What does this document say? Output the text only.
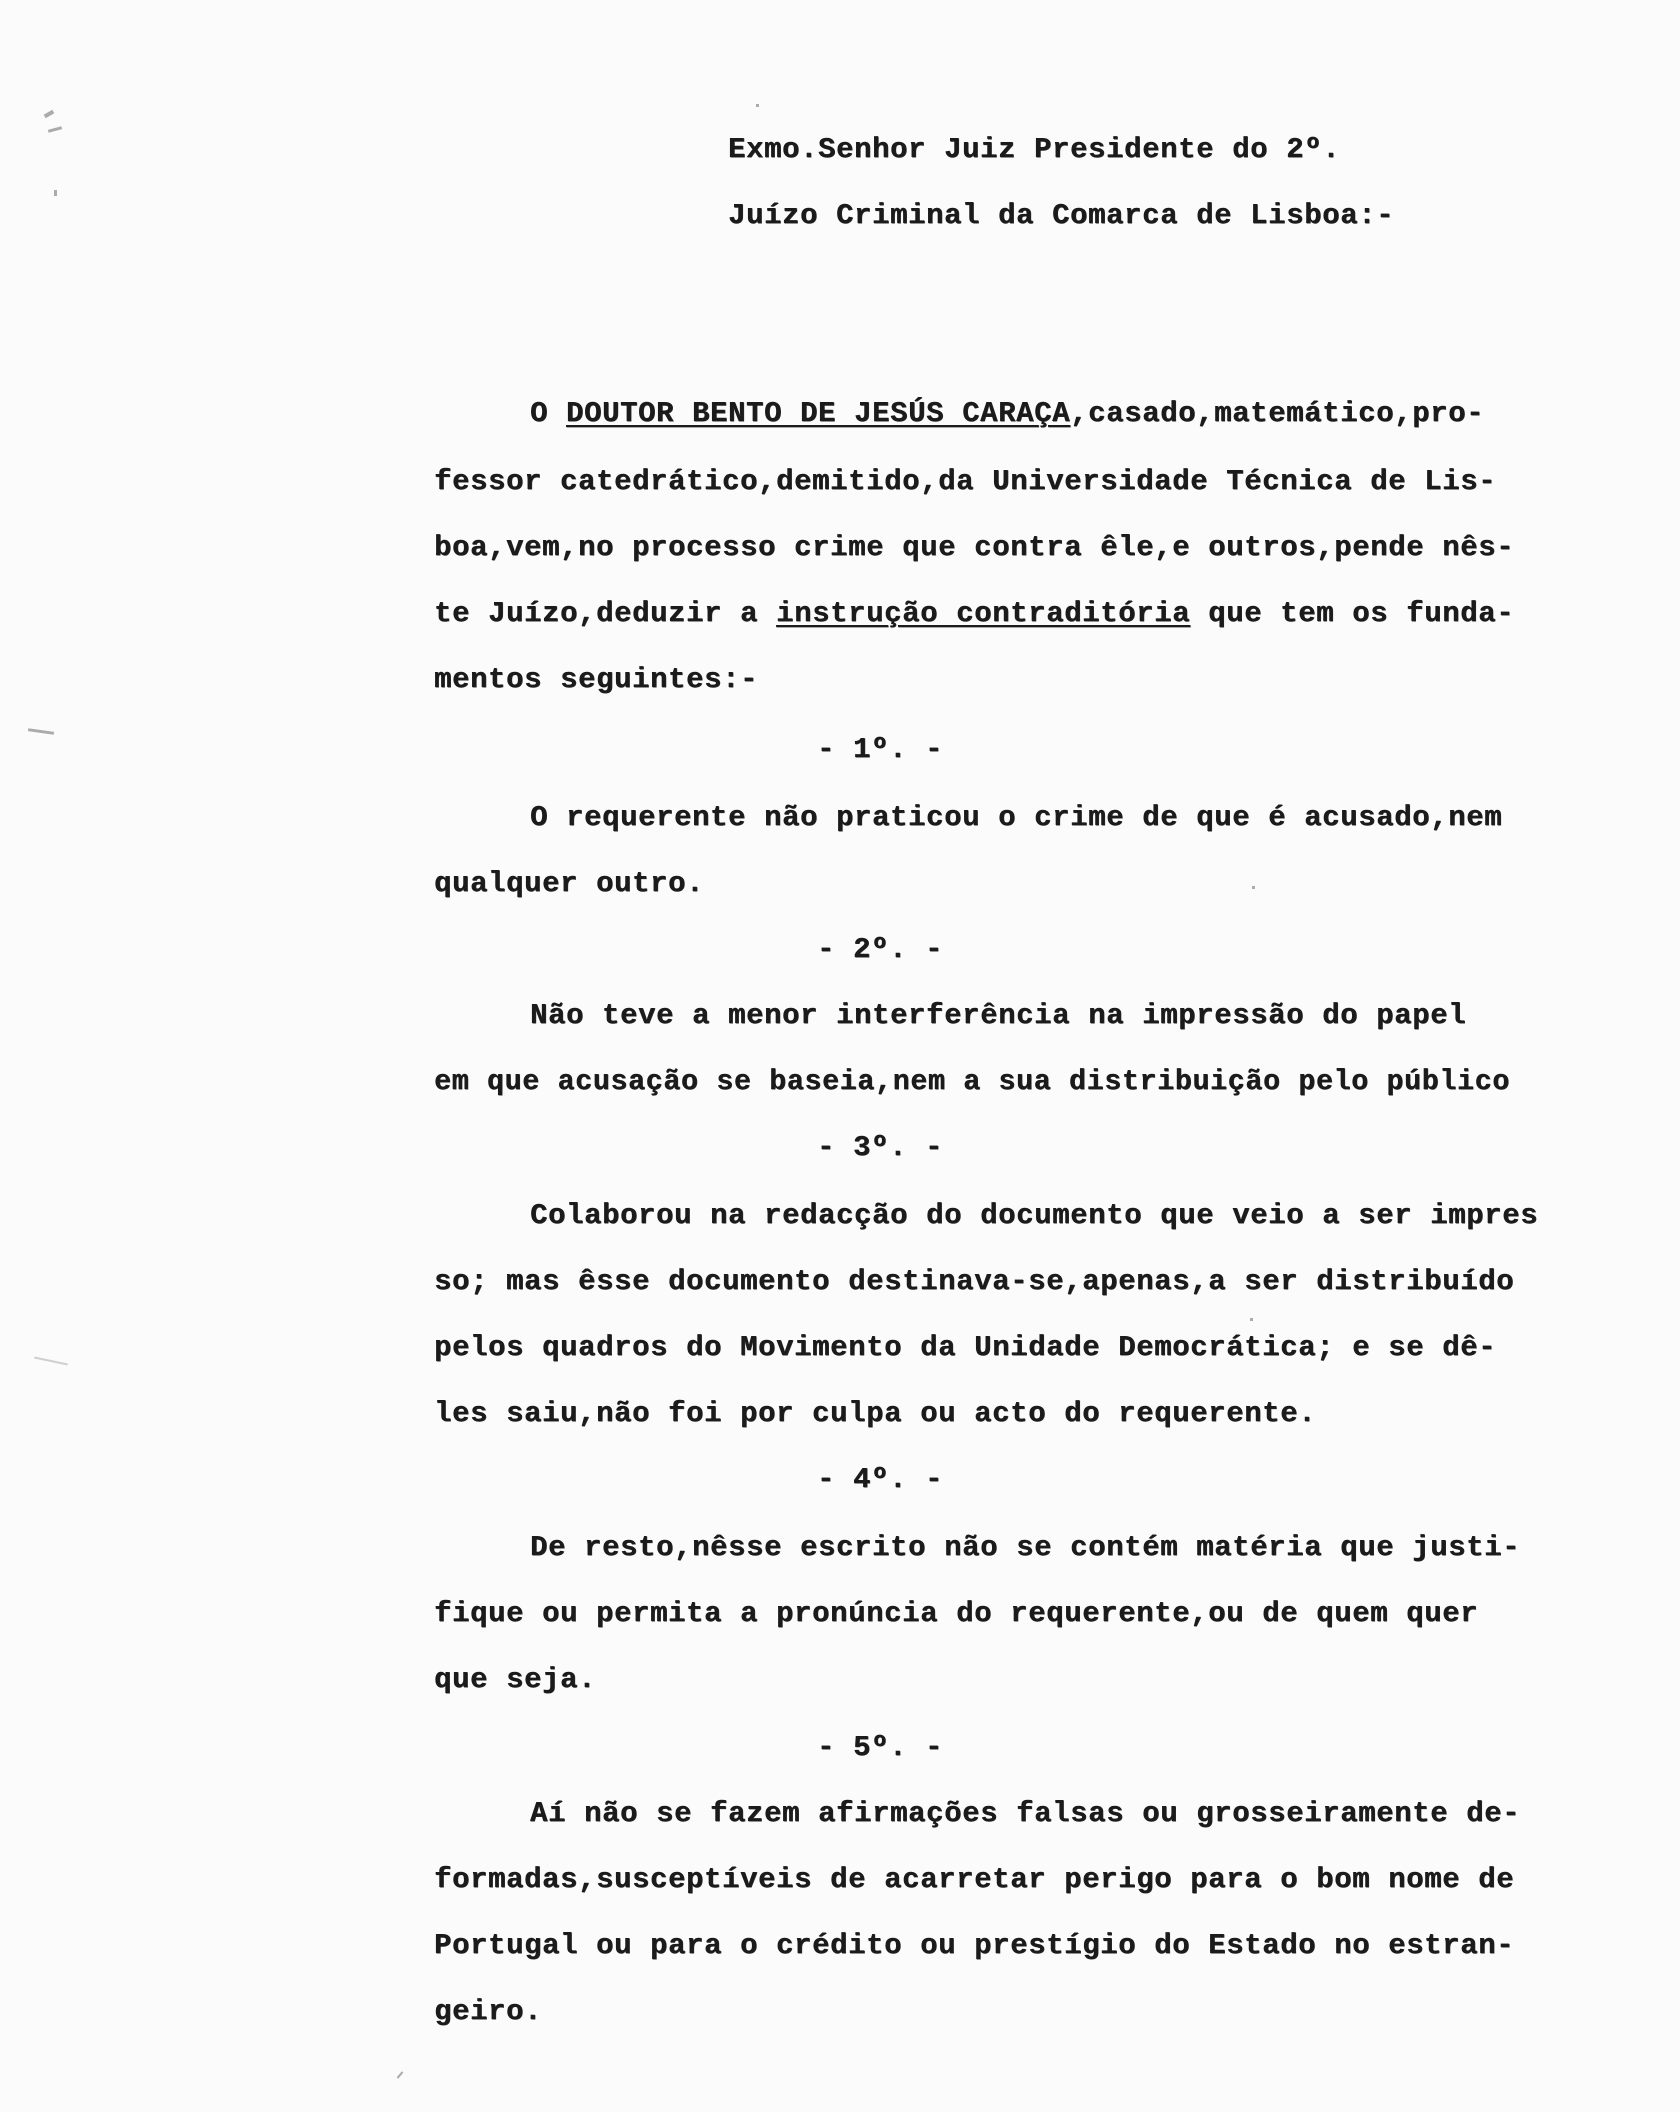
Exmo.Senhor Juiz Presidente do 2º.
Juízo Criminal da Comarca de Lisboa:-
O DOUTOR BENTO DE JESÚS CARAÇA,casado,matemático,pro-
fessor catedrático,demitido,da Universidade Técnica de Lis-
boa,vem,no processo crime que contra êle,e outros,pende nês-
te Juízo,deduzir a instrução contraditória que tem os funda-
mentos seguintes:-
- 1º. -
O requerente não praticou o crime de que é acusado,nem
qualquer outro.
- 2º. -
Não teve a menor interferência na impressão do papel
em que acusação se baseia,nem a sua distribuição pelo público
- 3º. -
Colaborou na redacção do documento que veio a ser impres
so; mas êsse documento destinava-se,apenas,a ser distribuído
pelos quadros do Movimento da Unidade Democrática; e se dê-
les saiu,não foi por culpa ou acto do requerente.
- 4º. -
De resto,nêsse escrito não se contém matéria que justi-
fique ou permita a pronúncia do requerente,ou de quem quer
que seja.
- 5º. -
Aí não se fazem afirmações falsas ou grosseiramente de-
formadas,susceptíveis de acarretar perigo para o bom nome de
Portugal ou para o crédito ou prestígio do Estado no estran-
geiro.
